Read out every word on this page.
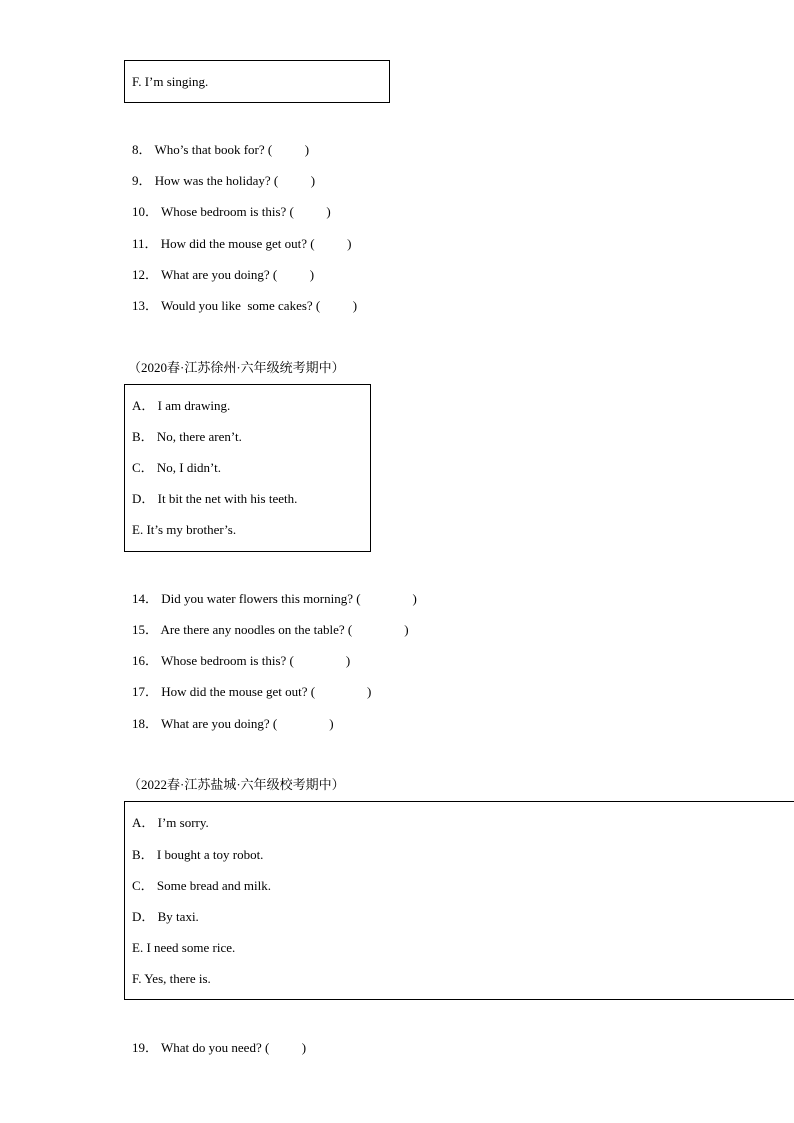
F. I’m singing.
8． Who’s that book for? (          )
9． How was the holiday? (          )
10． Whose bedroom is this? (          )
11． How did the mouse get out? (          )
12． What are you doing? (          )
13． Would you like  some cakes? (          )
（2020春·江苏徐州·六年级统考期中）
A． I am drawing.
B． No, there aren’t.
C． No, I didn’t.
D． It bit the net with his teeth.
E. It’s my brother’s.
14． Did you water flowers this morning? (                )
15． Are there any noodles on the table? (                )
16． Whose bedroom is this? (                )
17． How did the mouse get out? (                )
18． What are you doing? (                )
（2022春·江苏盐城·六年级校考期中）
A． I’m sorry.
B． I bought a toy robot.
C． Some bread and milk.
D． By taxi.
E. I need some rice.
F. Yes, there is.
19． What do you need? (          )
